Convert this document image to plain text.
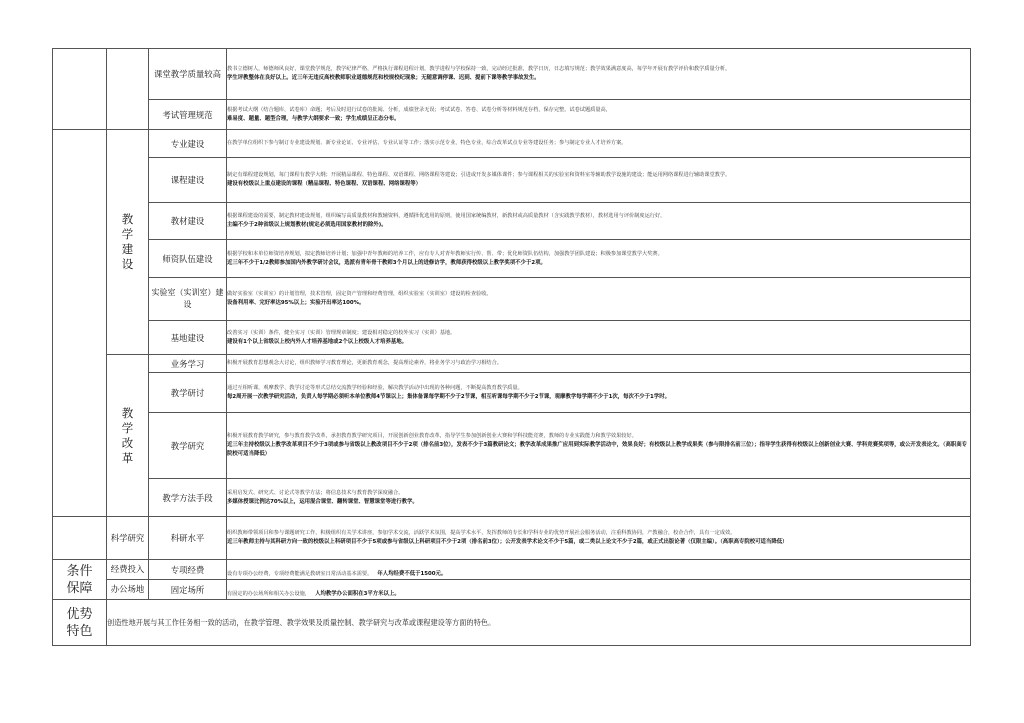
		课堂教学质量较高	教书立德树人，师德师风良好，课堂教学规范，教学纪律严格，严格执行课程进程计划，教学进程与学校保持一致，完动经过批准，教学日历，日志填写规范；教学效果满意度高，每学年开展有教学评价和教学质量分析。
学生评教整体在良好以上。近三年无违反高校教师职业道德规范和校规校纪现象；无随意调停课、迟到、提前下课等教学事故发生。

		考试管理规范	根据考试大纲（结合题库，试卷库）命题；考后及时进行试卷的批阅、分析，成绩登录无误；考试试卷、答卷、试卷分析等材料规范存档，保存完整。试卷试题质量高，
难易度、题量、题型合理，与教学大纲要求一致；学生成绩呈正态分布。

	教
学
建
设	专业建设	在教学单位组织下参与制订专业建设规划、新专业论证、专业评估、专业认证等工作；落实示范专业，特色专业，综合改革试点专业等建设任务；参与制定专业人才培养方案。

		课程建设	制定有课程建设规划，每门课程有教学大纲；开展精品课程、特色课程、双语课程、网络课程等建设；引进或开发多媒体课件；参与课程相关的实验室和资料室等辅助教学设施的建设；能运用网络课程进行辅助课堂教学。
建设有校级以上重点建设的课程（精品课程、特色课程、双语课程、网络课程等）

		教材建设	根据课程建设的需要，制定教材建设规划，组织编写高质量教材和教辅资料，遵循择优选用的原则，使用国家统编教材，新教材或高质量教材（含实践教学教材），教材选用与评价制度运行好，
主编不少于2种省级以上规划教材(规定必须选用国家教材的除外)。

		师资队伍建设	根据学校和本单位师资培养规划，拟定教师培养计划；加强中青年教师的培养工作，应有专人对青年教师实行传、帮、带；优化师资队伍结构，加强教学团队建设；积极参加课堂教学大奖赛。
近三年不少于1/2教师参加国内外教学研讨会议，选派有青年骨干教师3个月以上的进修访学，教师获得校级以上教学奖项不少于2项。

		实验室（实训室）建设	做好实验室（实训室）的计划管理，技术管理，固定资产管理和经费管理，组织实验室（实训室）建设的检查验收。
设备利用率、完好率达95%以上；实验开出率达100%。

		基地建设	改善实习（实训）条件，健全实习（实训）管理规章制度；建设相对稳定的校外实习（实训）基地。
建设有1个以上省级以上校内外人才培养基地或2个以上校级人才培养基地。

	教
学
改
革	业务学习	积极开展教育思想观念大讨论，组织教师学习教育理论，更新教育观念，提高理论素养，将业务学习与政治学习相结合。

		教学研讨	通过互相听课，观摩教学、教学讨论等形式总结交流教学经验和经验，解决教学活动中出现的各种问题，不断提高教育教学质量。
每2周开展一次教学研究活动，负责人每学期必须听本单位教师4节课以上；集体备课每学期不少于2节课，相互听课每学期不少于2节课，观摩教学每学期不少于1次，每次不少于1学时。

		教学研究	积极开展教育教学研究，参与教育教学改革，承担教育教学研究项目，开展创新创业教育改革，指导学生参加创新创业大赛和学科技能竞赛，教师的专业实践能力和教学效果较好。
近三年主持校级以上教学改革项目不少于3项或参与省级以上教改项目不少于2项（排名前3位），发表不少于3篇教研论文；教学改革成果推广应用到实际教学活动中，效果良好；有校级以上教学成果奖（参与限排名前三位）；指导学生获得有校级以上创新创业大赛、学科竞赛奖项等，或公开发表论文。（高职高专院校可适当降低）

		教学方法手段	采用启发式、研究式、讨论式等教学方法；将信息技术与教育教学深度融合。
多媒体授课比例达70%以上，运用混合课堂、翻转课堂、智慧课堂等进行教学。

	科学研究	科研水平	组织教师带领项目和参与课题研究工作，积极组织有关学术讲座，参加学术交流，活跃学术氛围，提高学术水平，发挥教师的专长和学科专业的优势开展社会服务活动，注重科教协同，产教融合，校企合作，具有一定成效。
近三年教师主持与其科研方向一致的校级以上科研项目不少于5项或参与省级以上科研项目不少于2项（排名前3位）；公开发表学术论文不少于5篇，或二类以上论文不少于2篇，或正式出版论著（仅限主编）。（高职高专院校可适当降低）

条件
保障	经费投入	专项经费	设有专项办公经费，专项经费能满足教研室日常活动基本需要。 年人均经费不低于1500元。
	办公场地	固定场所	有固定的办公场所和相关办公设施， 人均教学办公面积在3平方米以上。

优势
特色	创造性地开展与其工作任务相一致的活动，在教学管理、教学效果及质量控制、教学研究与改革或课程建设等方面的特色。		
